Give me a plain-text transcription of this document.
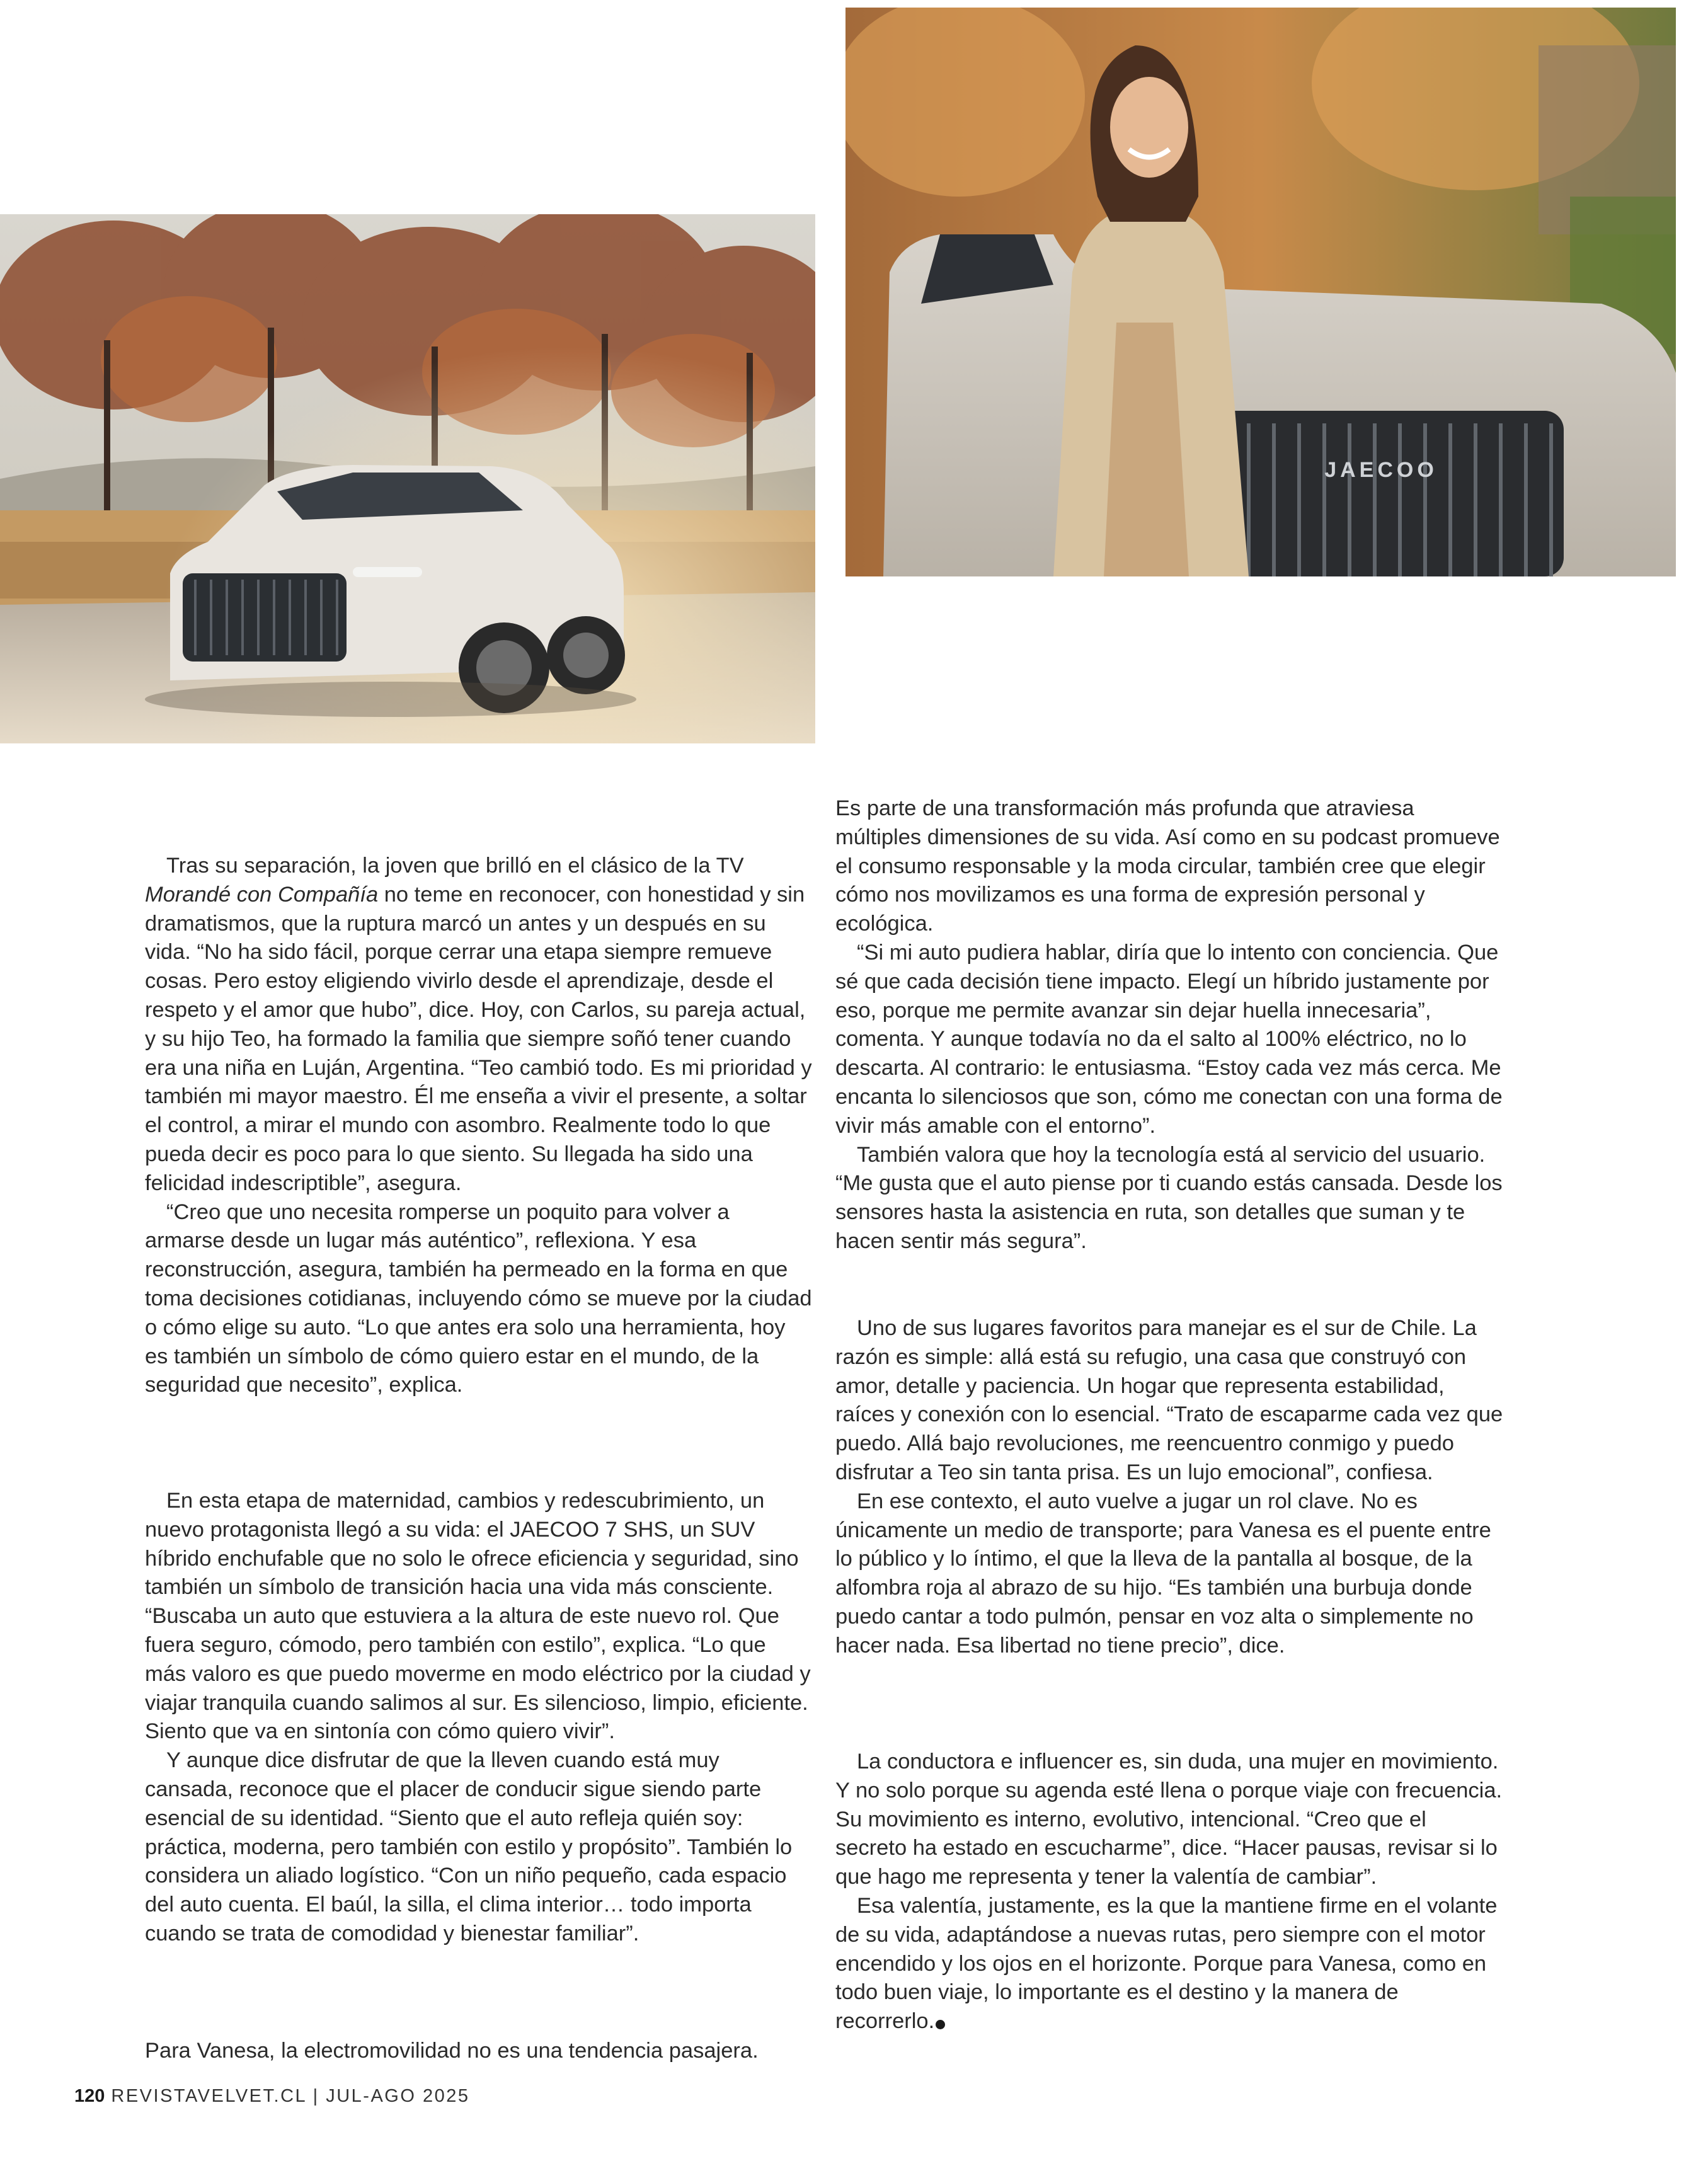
JAECOO

Tras su separación, la joven que brilló en el clásico de la TV Morandé con Compañía no teme en reconocer, con honestidad y sin dramatismos, que la ruptura marcó un antes y un después en su vida. “No ha sido fácil, porque cerrar una etapa siempre remueve cosas. Pero estoy eligiendo vivirlo desde el aprendizaje, desde el respeto y el amor que hubo”, dice. Hoy, con Carlos, su pareja actual, y su hijo Teo, ha formado la familia que siempre soñó tener cuando era una niña en Luján, Argentina. “Teo cambió todo. Es mi prioridad y también mi mayor maestro. Él me enseña a vivir el presente, a soltar el control, a mirar el mundo con asombro. Realmente todo lo que pueda decir es poco para lo que siento. Su llegada ha sido una felicidad indescriptible”, asegura.

“Creo que uno necesita romperse un poquito para volver a armarse desde un lugar más auténtico”, reflexiona. Y esa reconstrucción, asegura, también ha permeado en la forma en que toma decisiones cotidianas, incluyendo cómo se mueve por la ciudad o cómo elige su auto. “Lo que antes era solo una herramienta, hoy es también un símbolo de cómo quiero estar en el mundo, de la seguridad que necesito”, explica.

En esta etapa de maternidad, cambios y redescubrimiento, un nuevo protagonista llegó a su vida: el JAECOO 7 SHS, un SUV híbrido enchufable que no solo le ofrece eficiencia y seguridad, sino también un símbolo de transición hacia una vida más consciente. “Buscaba un auto que estuviera a la altura de este nuevo rol. Que fuera seguro, cómodo, pero también con estilo”, explica. “Lo que más valoro es que puedo moverme en modo eléctrico por la ciudad y viajar tranquila cuando salimos al sur. Es silencioso, limpio, eficiente. Siento que va en sintonía con cómo quiero vivir”.

Y aunque dice disfrutar de que la lleven cuando está muy cansada, reconoce que el placer de conducir sigue siendo parte esencial de su identidad. “Siento que el auto refleja quién soy: práctica, moderna, pero también con estilo y propósito”. También lo considera un aliado logístico. “Con un niño pequeño, cada espacio del auto cuenta. El baúl, la silla, el clima interior… todo importa cuando se trata de comodidad y bienestar familiar”.

Para Vanesa, la electromovilidad no es una tendencia pasajera.

Es parte de una transformación más profunda que atraviesa múltiples dimensiones de su vida. Así como en su podcast promueve el consumo responsable y la moda circular, también cree que elegir cómo nos movilizamos es una forma de expresión personal y ecológica.

“Si mi auto pudiera hablar, diría que lo intento con conciencia. Que sé que cada decisión tiene impacto. Elegí un híbrido justamente por eso, porque me permite avanzar sin dejar huella innecesaria”, comenta. Y aunque todavía no da el salto al 100% eléctrico, no lo descarta. Al contrario: le entusiasma. “Estoy cada vez más cerca. Me encanta lo silenciosos que son, cómo me conectan con una forma de vivir más amable con el entorno”.

También valora que hoy la tecnología está al servicio del usuario. “Me gusta que el auto piense por ti cuando estás cansada. Desde los sensores hasta la asistencia en ruta, son detalles que suman y te hacen sentir más segura”.

Uno de sus lugares favoritos para manejar es el sur de Chile. La razón es simple: allá está su refugio, una casa que construyó con amor, detalle y paciencia. Un hogar que representa estabilidad, raíces y conexión con lo esencial. “Trato de escaparme cada vez que puedo. Allá bajo revoluciones, me reencuentro conmigo y puedo disfrutar a Teo sin tanta prisa. Es un lujo emocional”, confiesa.

En ese contexto, el auto vuelve a jugar un rol clave. No es únicamente un medio de transporte; para Vanesa es el puente entre lo público y lo íntimo, el que la lleva de la pantalla al bosque, de la alfombra roja al abrazo de su hijo. “Es también una burbuja donde puedo cantar a todo pulmón, pensar en voz alta o simplemente no hacer nada. Esa libertad no tiene precio”, dice.

La conductora e influencer es, sin duda, una mujer en movimiento. Y no solo porque su agenda esté llena o porque viaje con frecuencia. Su movimiento es interno, evolutivo, intencional. “Creo que el secreto ha estado en escucharme”, dice. “Hacer pausas, revisar si lo que hago me representa y tener la valentía de cambiar”.

Esa valentía, justamente, es la que la mantiene firme en el volante de su vida, adaptándose a nuevas rutas, pero siempre con el motor encendido y los ojos en el horizonte. Porque para Vanesa, como en todo buen viaje, lo importante es el destino y la manera de recorrerlo.

120 REVISTAVELVET.CL | JUL-AGO 2025
